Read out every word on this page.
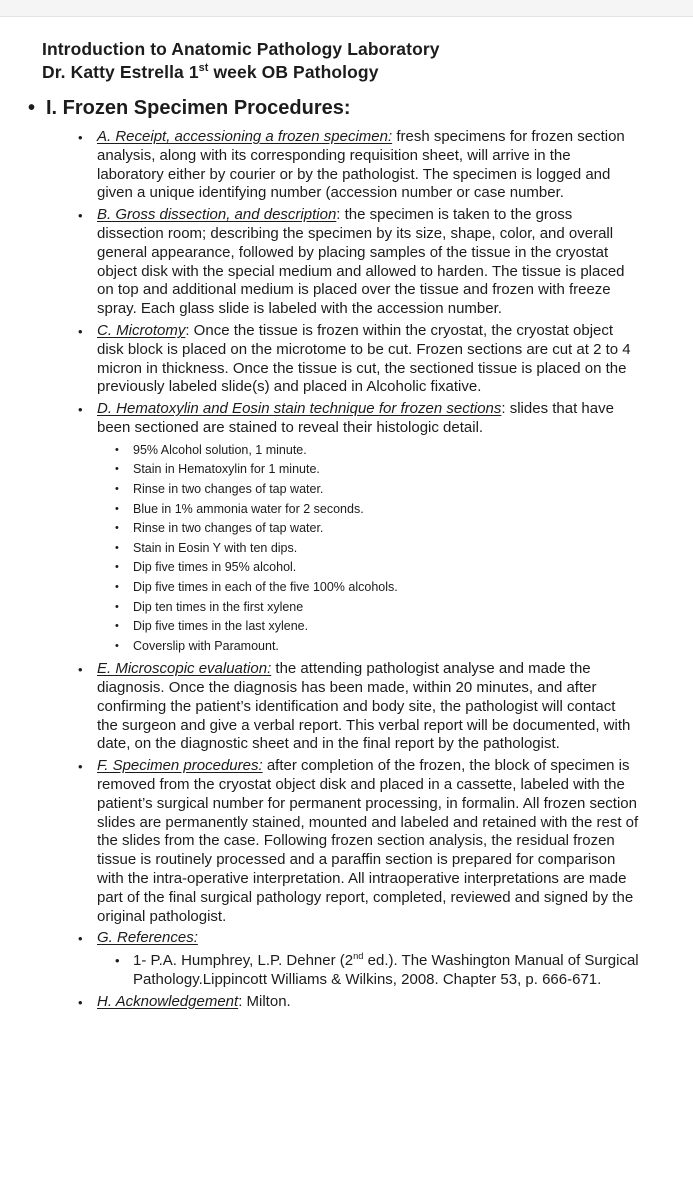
Introduction to Anatomic Pathology Laboratory
Dr. Katty Estrella 1st week OB Pathology
• I. Frozen Specimen Procedures:
• A. Receipt, accessioning a frozen specimen: fresh specimens for frozen section analysis, along with its corresponding requisition sheet, will arrive in the laboratory either by courier or by the pathologist. The specimen is logged and given a unique identifying number (accession number or case number.
• B. Gross dissection, and description: the specimen is taken to the gross dissection room; describing the specimen by its size, shape, color, and overall general appearance, followed by placing samples of the tissue in the cryostat object disk with the special medium and allowed to harden. The tissue is placed on top and additional medium is placed over the tissue and frozen with freeze spray. Each glass slide is labeled with the accession number.
• C. Microtomy: Once the tissue is frozen within the cryostat, the cryostat object disk block is placed on the microtome to be cut. Frozen sections are cut at 2 to 4 micron in thickness. Once the tissue is cut, the sectioned tissue is placed on the previously labeled slide(s) and placed in Alcoholic fixative.
• D. Hematoxylin and Eosin stain technique for frozen sections: slides that have been sectioned are stained to reveal their histologic detail.
•	95% Alcohol solution, 1 minute.
•	Stain in Hematoxylin for 1 minute.
•	Rinse in two changes of tap water.
•	Blue in 1% ammonia water for 2 seconds.
•	Rinse in two changes of tap water.
•	Stain in Eosin Y with ten dips.
•	Dip five times in 95% alcohol.
•	Dip five times in each of the five 100% alcohols.
•	Dip ten times in the first xylene
•	Dip five times in the last xylene.
•	Coverslip with Paramount.
• E. Microscopic evaluation: the attending pathologist analyse and made the diagnosis. Once the diagnosis has been made, within 20 minutes, and after confirming the patient’s identification and body site, the pathologist will contact the surgeon and give a verbal report. This verbal report will be documented, with date, on the diagnostic sheet and in the final report by the pathologist.
• F. Specimen procedures: after completion of the frozen, the block of specimen is removed from the cryostat object disk and placed in a cassette, labeled with the patient’s surgical number for permanent processing, in formalin. All frozen section slides are permanently stained, mounted and labeled and retained with the rest of the slides from the case. Following frozen section analysis, the residual frozen tissue is routinely processed and a paraffin section is prepared for comparison with the intra-operative interpretation. All intraoperative interpretations are made part of the final surgical pathology report, completed, reviewed and signed by the original pathologist.
• G. References:
• 1- P.A. Humphrey, L.P. Dehner (2nd ed.). The Washington Manual of Surgical Pathology.Lippincott Williams & Wilkins, 2008. Chapter 53, p. 666-671.
• H. Acknowledgement: Milton.
